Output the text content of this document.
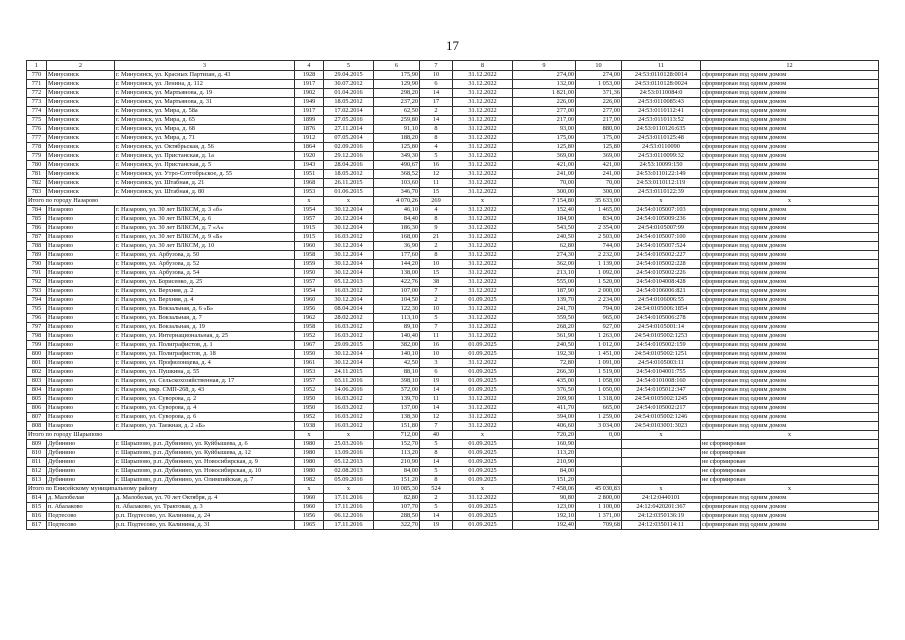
17
1	2	3	4	5	6	7	8	9	10	11	12
770	Минусинск	г. Минусинск, ул. Красных Партизан, д. 43	1928	29.04.2015	175,90	10	31.12.2022	274,00	274,00	24:53:0110128:0014	сформирован под одним домом
771	Минусинск	г. Минусинск, ул. Ленина, д. 112	1917	30.07.2012	129,90	6	31.12.2022	132,00	1 053,00	24:53:0110128:0024	сформирован под одним домом
772	Минусинск	г. Минусинск, ул. Мартьянова, д. 19	1902	01.04.2016	298,20	14	31.12.2022	1 821,00	371,36	24:53:0110084:0	сформирован под одним домом
773	Минусинск	г. Минусинск, ул. Мартьянова, д. 31	1949	18.05.2012	237,20	17	31.12.2022	226,00	226,00	24:53:0110085:43	сформирован под одним домом
774	Минусинск	г. Минусинск, ул. Мира, д. 58а	1917	17.02.2014	62,50	2	31.12.2022	277,00	277,00	24:53:0110112:41	сформирован под одним домом
775	Минусинск	г. Минусинск, ул. Мира, д. 65	1899	27.05.2016	259,80	14	31.12.2022	217,00	217,00	24:53:0110113:52	сформирован под одним домом
776	Минусинск	г. Минусинск, ул. Мира, д. 68	1876	27.11.2014	91,10	8	31.12.2022	93,00	880,00	24:53:0110126:635	сформирован под одним домом
777	Минусинск	г. Минусинск, ул. Мира, д. 71	1912	07.05.2014	188,20	8	31.12.2022	175,00	175,00	24:53:0110125:48	сформирован под одним домом
778	Минусинск	г. Минусинск, ул. Октябрьская, д. 56	1864	02.09.2016	125,80	4	31.12.2022	125,80	125,80	24:53:0110090	сформирован под одним домом
779	Минусинск	г. Минусинск, ул. Пристанская, д. 1а	1920	29.12.2016	349,30	5	31.12.2022	369,00	369,00	24:53:0110099:32	сформирован под одним домом
780	Минусинск	г. Минусинск, ул. Пристанская, д. 5	1943	28.04.2016	490,67	16	31.12.2022	421,00	421,00	24:53:10099:150	сформирован под одним домом
781	Минусинск	г. Минусинск, ул. Утро-Сотгобрьское, д. 55	1951	18.05.2012	368,52	12	31.12.2022	241,00	241,00	24:53:0110122:149	сформирован под одним домом
782	Минусинск	г. Минусинск, ул. Штабная, д. 21	1968	26.11.2015	103,60	11	31.12.2022	70,00	70,00	24:53:0110112:119	сформирован под одним домом
783	Минусинск	г. Минусинск, ул. Штабная, д. 80	1953	01.06.2015	346,70	15	31.12.2022	300,00	300,00	24:53:0110122:39	сформирован под одним домом
Итого по городу Назарово			x	x	4 070,26	269	x	7 154,80	35 633,00	x	x
784	Назарово	г. Назарово, ул. 30 лет ВЛКСМ, д. 3 «б»	1954	30.12.2014	46,10	4	31.12.2022	152,40	1 465,00	24:54:0105007:103	сформирован под одним домом
785	Назарово	г. Назарово, ул. 30 лет ВЛКСМ, д. 6	1957	20.12.2014	84,40	8	31.12.2022	184,90	834,00	24:54:0105009:236	сформирован под одним домом
786	Назарово	г. Назарово, ул. 30 лет ВЛКСМ, д. 7 «А»	1915	30.12.2014	186,30	9	31.12.2022	543,50	2 354,00	24:54:0105007:99	сформирован под одним домом
787	Назарово	г. Назарово, ул. 30 лет ВЛКСМ, д. 9 «Б»	1915	16.03.2012	168,00	21	31.12.2022	240,50	2 503,00	24:54:0105007:100	сформирован под одним домом
788	Назарово	г. Назарово, ул. 30 лет ВЛКСМ, д. 10	1960	30.12.2014	36,90	2	31.12.2022	62,80	744,00	24:54:0105007:524	сформирован под одним домом
789	Назарово	г. Назарово, ул. Арбузова, д. 50	1958	30.12.2014	177,60	8	31.12.2022	274,30	2 232,00	24:54:0105002:227	сформирован под одним домом
790	Назарово	г. Назарово, ул. Арбузова, д. 52	1959	30.12.2014	144,20	10	31.12.2022	362,00	1 139,00	24:54:0105002:228	сформирован под одним домом
791	Назарово	г. Назарово, ул. Арбузова, д. 54	1950	30.12.2014	138,00	15	31.12.2022	213,10	1 092,00	24:54:0105002:226	сформирован под одним домом
792	Назарово	г. Назарово, ул. Борисенко, д. 25	1957	05.12.2013	422,76	38	31.12.2022	555,00	1 520,00	24:54:0104008:428	сформирован под одним домом
793	Назарово	г. Назарово, ул. Верхняя, д. 2	1954	16.03.2012	107,00	7	31.12.2022	187,90	2 000,00	24:54:0106006:821	сформирован под одним домом
794	Назарово	г. Назарово, ул. Верхняя, д. 4	1960	30.12.2014	104,50	2	01.09.2025	139,70	2 234,00	24:54:0106006:55	сформирован под одним домом
795	Назарово	г. Назарово, ул. Вокзальная, д. 6 «Б»	1956	08.04.2014	122,30	10	31.12.2022	241,70	794,00	24:54:0105006:1854	сформирован под одним домом
796	Назарово	г. Назарово, ул. Вокзальная, д. 7	1962	28.02.2012	113,10	5	31.12.2022	359,50	965,00	24:54:0105006:278	сформирован под одним домом
797	Назарово	г. Назарово, ул. Вокзальная, д. 19	1958	16.03.2012	89,10	7	31.12.2022	268,20	927,00	24:54:0105001:14	сформирован под одним домом
798	Назарово	г. Назарово, ул. Интернациональная, д. 25	1952	16.03.2012	140,40	11	31.12.2022	361,90	1 263,00	24:54:0105002:1253	сформирован под одним домом
799	Назарово	г. Назарово, ул. Полиграфистов, д. 1	1967	29.09.2015	382,00	16	01.09.2025	240,50	1 012,00	24:54:0105002:159	сформирован под одним домом
800	Назарово	г. Назарово, ул. Полиграфистов, д. 18	1950	30.12.2014	140,10	10	01.09.2025	192,30	1 451,00	24:54:0105002:1251	сформирован под одним домом
801	Назарово	г. Назарово, ул. Профилонцева, д. 4	1961	30.12.2014	42,50	3	31.12.2022	72,80	1 091,00	24:54:0105003:11	сформирован под одним домом
802	Назарово	г. Назарово, ул. Пушкина, д. 55	1953	24.11.2015	88,10	6	01.09.2025	266,30	1 519,00	24:54:0104001:755	сформирован под одним домом
803	Назарово	г. Назарово, ул. Сельскохозяйственная, д. 17	1957	03.11.2016	398,10	19	01.09.2025	435,00	1 058,00	24:54:0101008:160	сформирован под одним домом
804	Назарово	г. Назарово, мкр. СМП-268, д. 43	1952	14.06.2016	372,00	14	01.09.2025	376,50	1 050,00	24:54:0105012:347	сформирован под одним домом
805	Назарово	г. Назарово, ул. Суворова, д. 2	1950	16.03.2012	139,70	11	31.12.2022	209,90	1 318,00	24:54:0105002:1245	сформирован под одним домом
806	Назарово	г. Назарово, ул. Суворова, д. 4	1950	16.03.2012	137,00	14	31.12.2022	411,70	665,00	24:54:0105002:217	сформирован под одним домом
807	Назарово	г. Назарово, ул. Суворова, д. 6	1952	16.03.2012	138,30	12	31.12.2022	394,00	1 259,00	24:54:0105002:1246	сформирован под одним домом
808	Назарово	г. Назарово, ул. Таежная, д. 2 «Б»	1938	16.03.2012	151,80	7	31.12.2022	406,60	3 034,00	24:54:0103001:3023	сформирован под одним домом
Итого по городу Шарыпово			x	x	712,00	40	x	720,20	0,00	x	x
809	Дубинино	г. Шарыпово, р.п. Дубинино, ул. Куйбышева, д. 6	1980	25.03.2016	152,70	5	01.09.2025	160,90			не сформирован
810	Дубинино	г. Шарыпово, р.п. Дубинино, ул. Куйбышева, д. 12	1980	13.09.2016	113,20	8	01.09.2025	113,20			не сформирован
811	Дубинино	г. Шарыпово, р.п. Дубинино, ул. Новосибирская, д. 9	1980	05.12.2013	210,90	14	01.09.2025	210,90			не сформирован
812	Дубинино	г. Шарыпово, р.п. Дубинино, ул. Новосибирская, д. 10	1980	02.08.2013	84,00	5	01.09.2025	84,00			не сформирован
813	Дубинино	г. Шарыпово, р.п. Дубинино, ул. Олимпийская, д. 7	1982	05.09.2016	151,20	8	01.09.2025	151,20			не сформирован
Итого по Енисейскому муниципальному району			x	x	10 085,30	524	x	7 458,06	45 030,83	x	x
814	д. Малобелая	д. Малобелая, ул. 70 лет Октября, д. 4	1960	17.11.2016	82,80	2	31.12.2022	90,80	2 800,00	24:12:0440101	сформирован под одним домом
815	п. Абалаково	п. Абалаково, ул. Трактовая, д. 3	1960	17.11.2016	107,70	5	01.09.2025	123,00	1 100,00	24:12:0420201:367	сформирован под одним домом
816	Подтесово	р.п. Подтесово, ул. Калинина, д. 24	1956	06.12.2016	288,50	14	01.09.2025	192,10	1 371,00	24:12:0350136:19	сформирован под одним домом
817	Подтесово	р.п. Подтесово, ул. Калинина, д. 31	1965	17.11.2016	322,70	19	01.09.2025	192,40	709,68	24:12:0350114:11	сформирован под одним домом
